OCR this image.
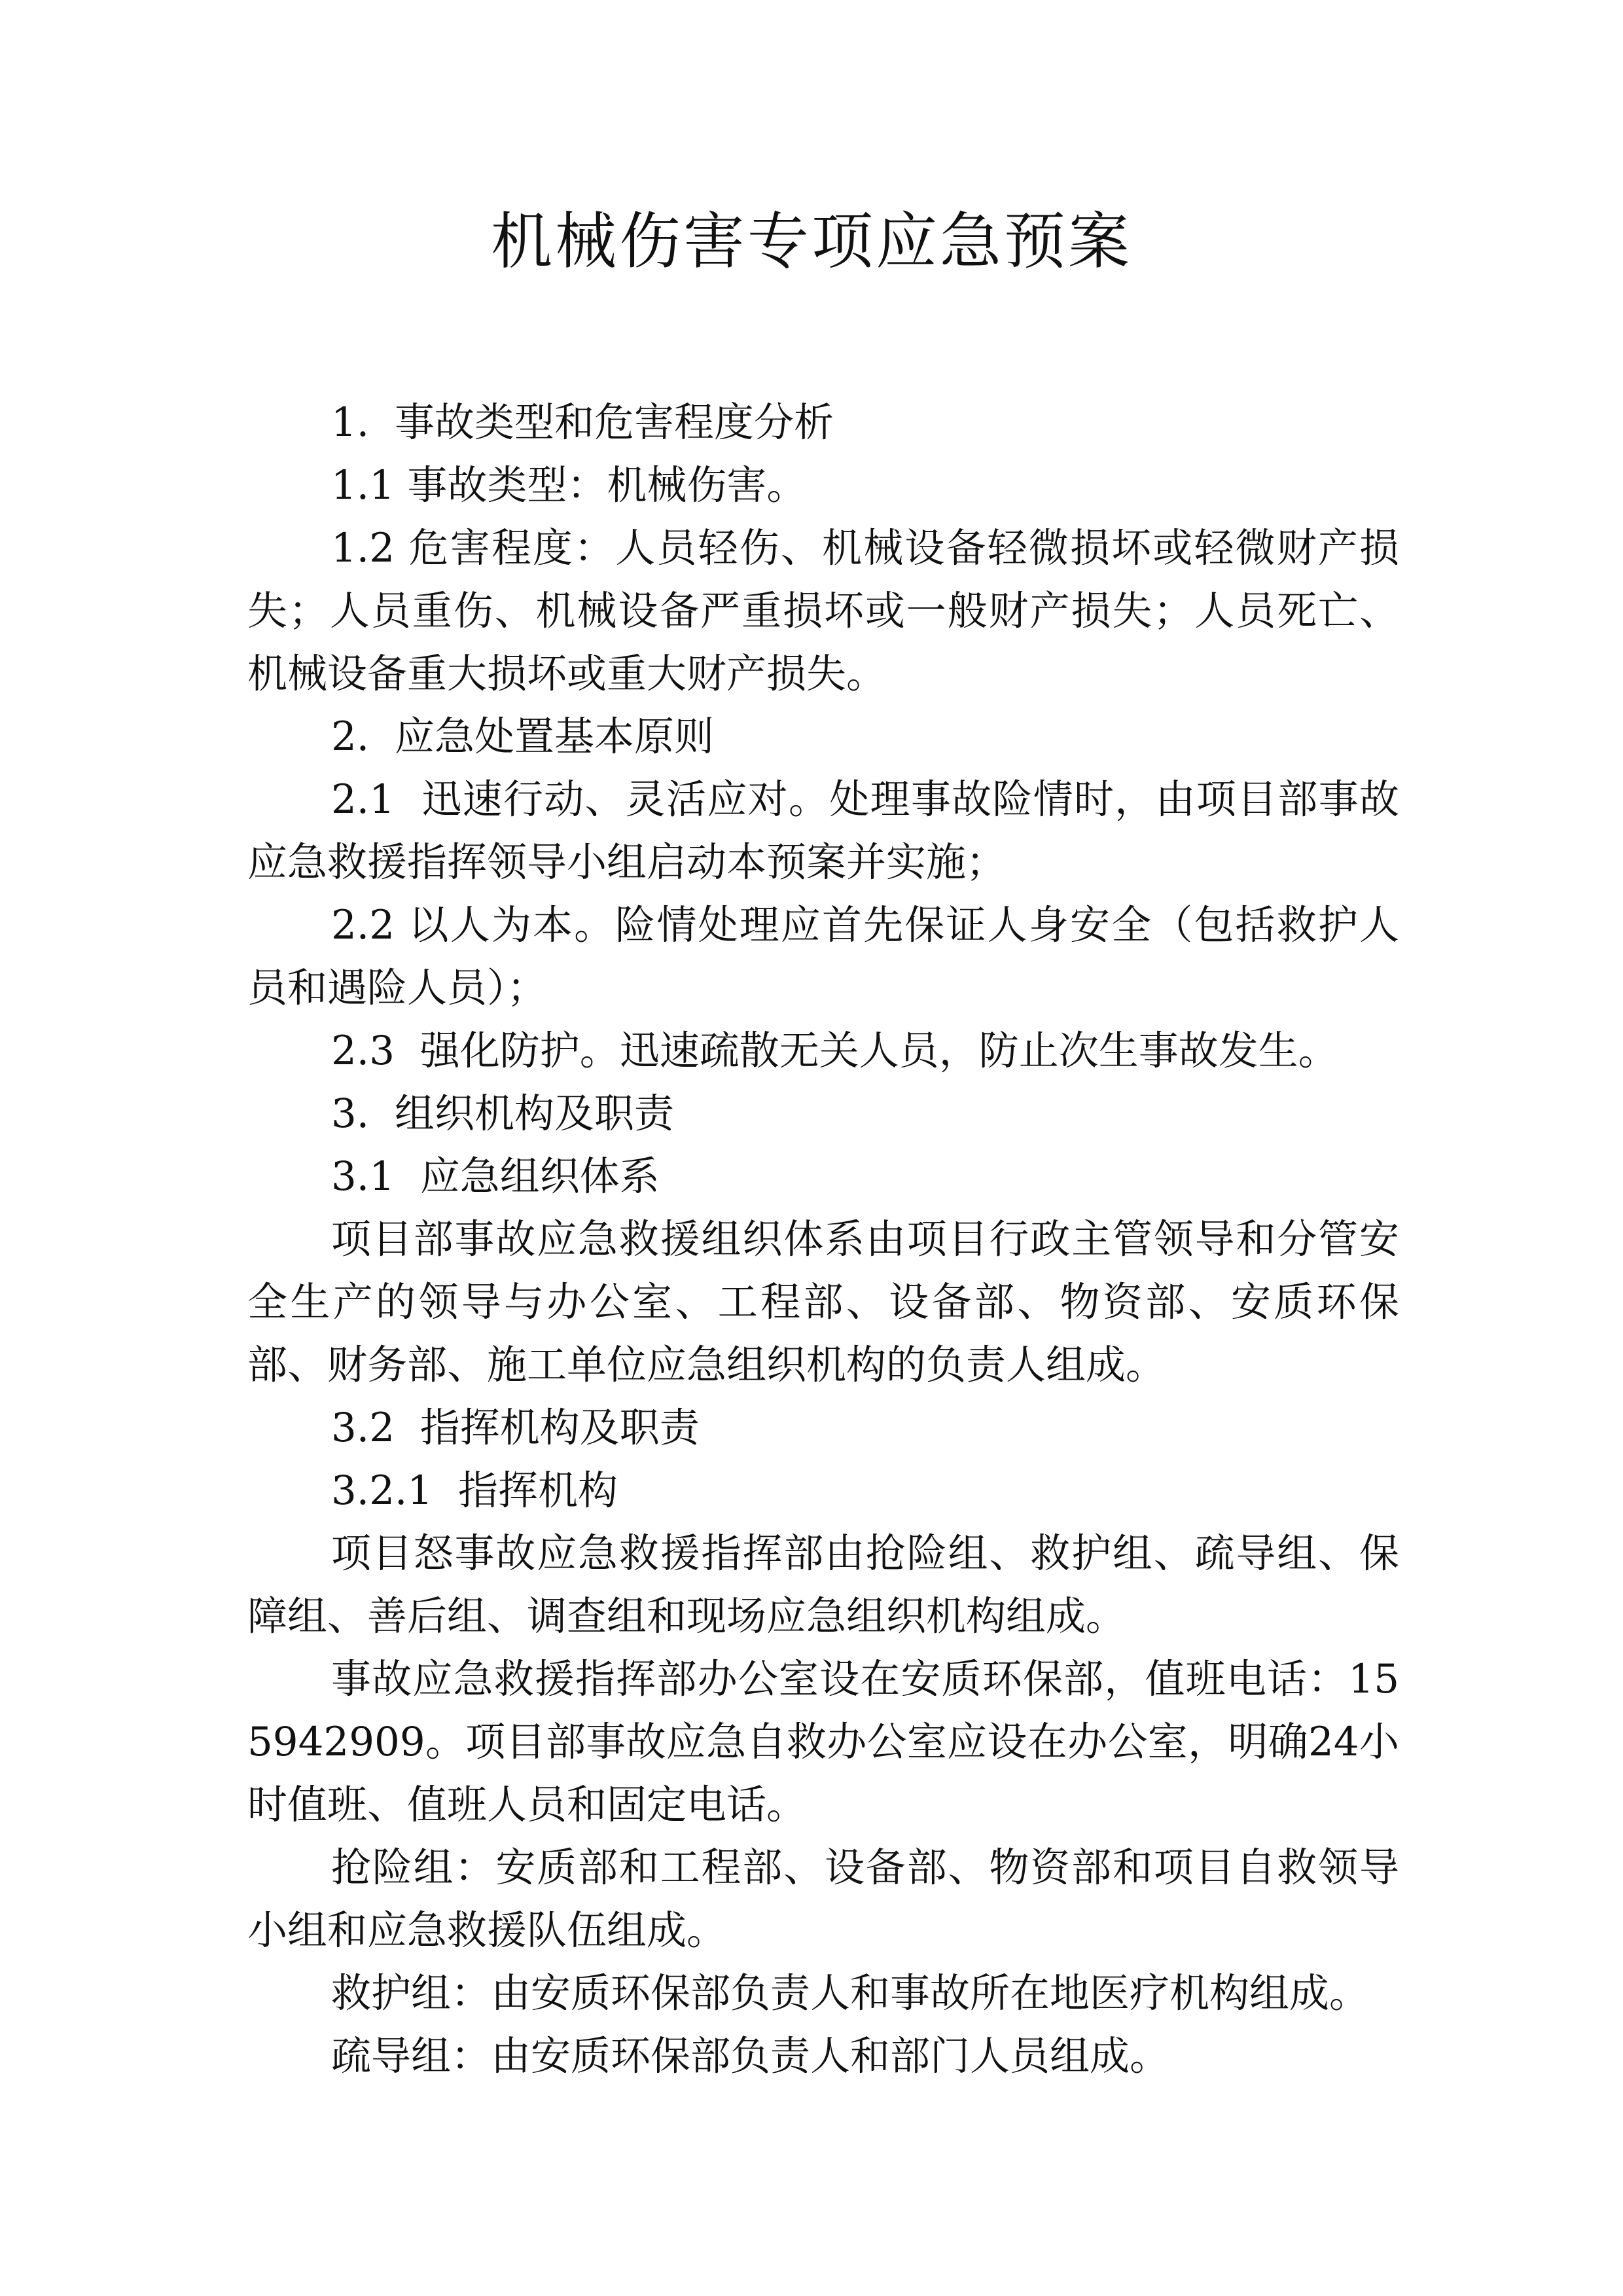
机械伤害专项应急预案

1.  事故类型和危害程度分析

1.1 事故类型：机械伤害。

1.2 危害程度：人员轻伤、机械设备轻微损坏或轻微财产损失；人员重伤、机械设备严重损坏或一般财产损失；人员死亡、机械设备重大损坏或重大财产损失。

2.  应急处置基本原则

2.1  迅速行动、灵活应对。处理事故险情时，由项目部事故应急救援指挥领导小组启动本预案并实施；

2.2 以人为本。险情处理应首先保证人身安全（包括救护人员和遇险人员）；

2.3  强化防护。迅速疏散无关人员，防止次生事故发生。

3.  组织机构及职责

3.1  应急组织体系

项目部事故应急救援组织体系由项目行政主管领导和分管安全生产的领导与办公室、工程部、设备部、物资部、安质环保部、财务部、施工单位应急组织机构的负责人组成。

3.2  指挥机构及职责

3.2.1  指挥机构

项目怒事故应急救援指挥部由抢险组、救护组、疏导组、保障组、善后组、调查组和现场应急组织机构组成。

事故应急救援指挥部办公室设在安质环保部，值班电话：155942909。项目部事故应急自救办公室应设在办公室，明确24小时值班、值班人员和固定电话。

抢险组：安质部和工程部、设备部、物资部和项目自救领导小组和应急救援队伍组成。

救护组：由安质环保部负责人和事故所在地医疗机构组成。

疏导组：由安质环保部负责人和部门人员组成。
